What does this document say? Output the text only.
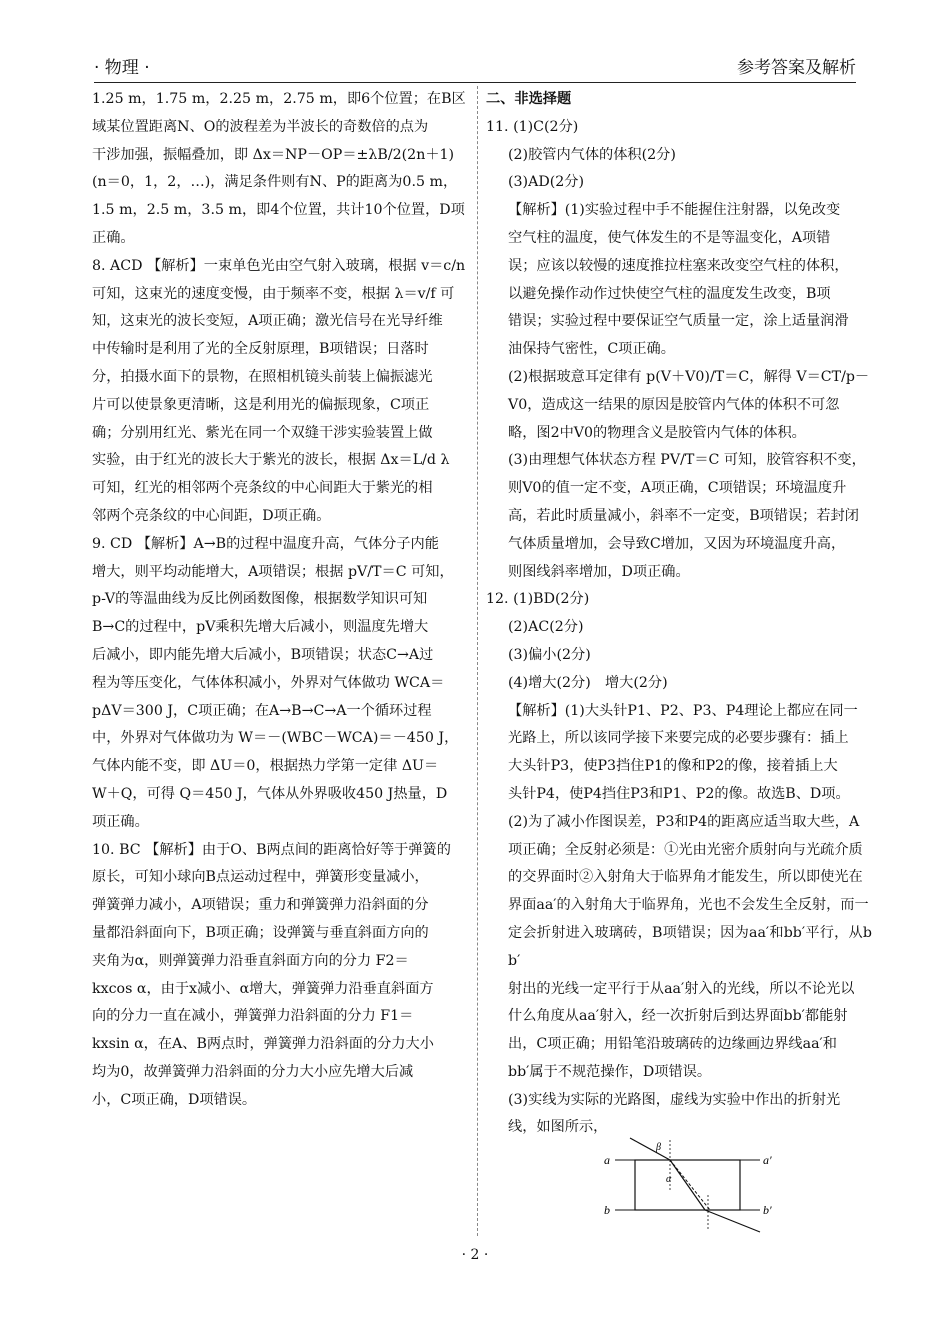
· 物理 ·	参考答案及解析

1.25 m，1.75 m，2.25 m，2.75 m，即6个位置；在B区

域某位置距离N、O的波程差为半波长的奇数倍的点为

干涉加强，振幅叠加，即 Δx＝NP－OP＝±λB/2(2n＋1)

(n＝0，1，2，…)，满足条件则有N、P的距离为0.5 m，

1.5 m，2.5 m，3.5 m，即4个位置，共计10个位置，D项

正确。

8. ACD 【解析】一束单色光由空气射入玻璃，根据 v＝c/n

可知，这束光的速度变慢，由于频率不变，根据 λ＝v/f 可

知，这束光的波长变短，A项正确；激光信号在光导纤维

中传输时是利用了光的全反射原理，B项错误；日落时

分，拍摄水面下的景物，在照相机镜头前装上偏振滤光

片可以使景象更清晰，这是利用光的偏振现象，C项正

确；分别用红光、紫光在同一个双缝干涉实验装置上做

实验，由于红光的波长大于紫光的波长，根据 Δx＝L/d λ

可知，红光的相邻两个亮条纹的中心间距大于紫光的相

邻两个亮条纹的中心间距，D项正确。

9. CD 【解析】A→B的过程中温度升高，气体分子内能

增大，则平均动能增大，A项错误；根据 pV/T＝C 可知，

p-V的等温曲线为反比例函数图像，根据数学知识可知

B→C的过程中，pV乘积先增大后减小，则温度先增大

后减小，即内能先增大后减小，B项错误；状态C→A过

程为等压变化，气体体积减小，外界对气体做功 WCA＝

pΔV＝300 J，C项正确；在A→B→C→A一个循环过程

中，外界对气体做功为 W＝－(WBC－WCA)＝－450 J，

气体内能不变，即 ΔU＝0，根据热力学第一定律 ΔU＝

W＋Q，可得 Q＝450 J，气体从外界吸收450 J热量，D

项正确。

10. BC 【解析】由于O、B两点间的距离恰好等于弹簧的

原长，可知小球向B点运动过程中，弹簧形变量减小，

弹簧弹力减小，A项错误；重力和弹簧弹力沿斜面的分

量都沿斜面向下，B项正确；设弹簧与垂直斜面方向的

夹角为α，则弹簧弹力沿垂直斜面方向的分力 F2＝

kxcos α，由于x减小、α增大，弹簧弹力沿垂直斜面方

向的分力一直在减小，弹簧弹力沿斜面的分力 F1＝

kxsin α，在A、B两点时，弹簧弹力沿斜面的分力大小

均为0，故弹簧弹力沿斜面的分力大小应先增大后减

小，C项正确，D项错误。

二、非选择题

11. (1)C(2分)

(2)胶管内气体的体积(2分)

(3)AD(2分)

【解析】(1)实验过程中手不能握住注射器，以免改变

空气柱的温度，使气体发生的不是等温变化，A项错

误；应该以较慢的速度推拉柱塞来改变空气柱的体积，

以避免操作动作过快使空气柱的温度发生改变，B项

错误；实验过程中要保证空气质量一定，涂上适量润滑

油保持气密性，C项正确。

(2)根据玻意耳定律有 p(V＋V0)/T＝C，解得 V＝CT/p－

V0，造成这一结果的原因是胶管内气体的体积不可忽

略，图2中V0的物理含义是胶管内气体的体积。

(3)由理想气体状态方程 PV/T＝C 可知，胶管容积不变，

则V0的值一定不变，A项正确，C项错误；环境温度升

高，若此时质量减小，斜率不一定变，B项错误；若封闭

气体质量增加，会导致C增加，又因为环境温度升高，

则图线斜率增加，D项正确。

12. (1)BD(2分)

(2)AC(2分)

(3)偏小(2分)

(4)增大(2分)　增大(2分)

【解析】(1)大头针P1、P2、P3、P4理论上都应在同一

光路上，所以该同学接下来要完成的必要步骤有：插上

大头针P3，使P3挡住P1的像和P2的像，接着插上大

头针P4，使P4挡住P3和P1、P2的像。故选B、D项。

(2)为了减小作图误差，P3和P4的距离应适当取大些，A

项正确；全反射必须是：①光由光密介质射向与光疏介质

的交界面时②入射角大于临界角才能发生，所以即使光在

界面aa′的入射角大于临界角，光也不会发生全反射，而一

定会折射进入玻璃砖，B项错误；因为aa′和bb′平行，从bb′

射出的光线一定平行于从aa′射入的光线，所以不论光以

什么角度从aa′射入，经一次折射后到达界面bb′都能射

出，C项正确；用铅笔沿玻璃砖的边缘画边界线aa′和

bb′属于不规范操作，D项错误。

(3)实线为实际的光路图，虚线为实验中作出的折射光

线，如图所示，

a	a′
b	b′
β
α
· 2 ·
